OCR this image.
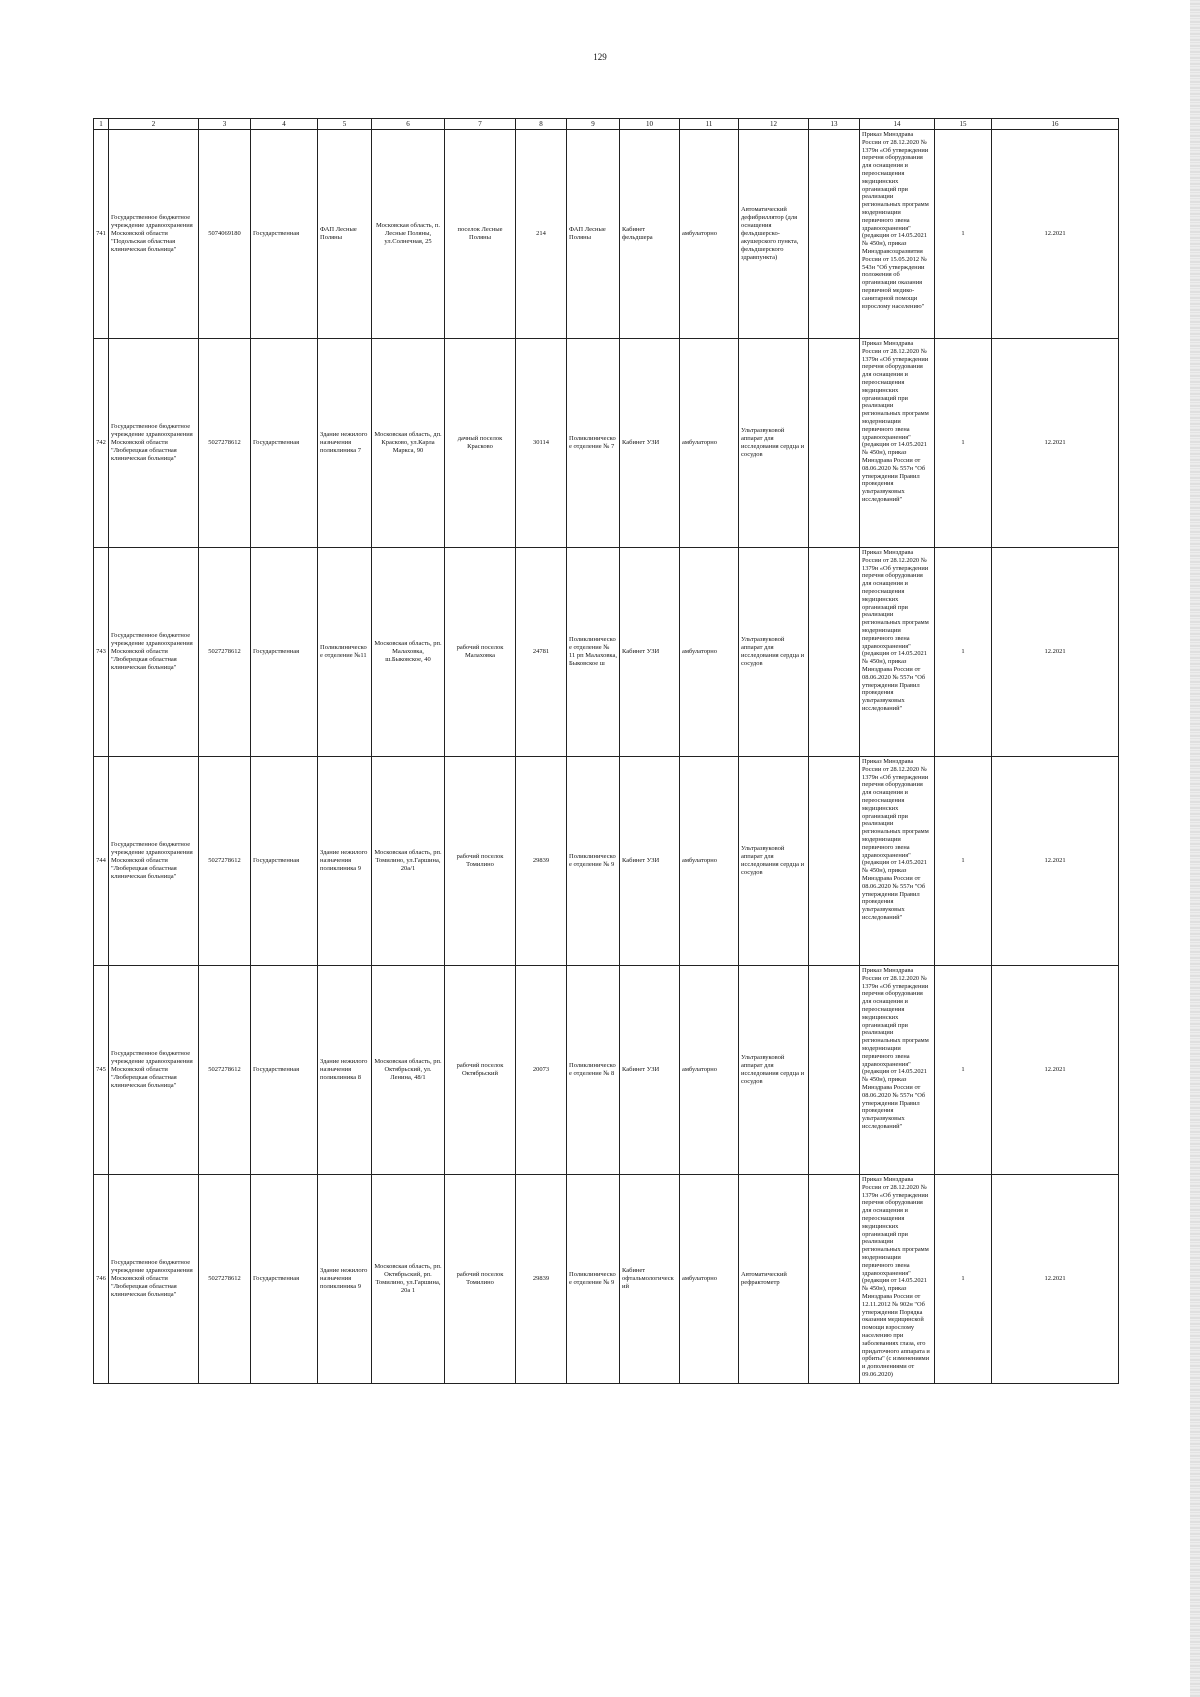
129
1	2	3	4	5	6	7	8	9	10	11	12	13	14	15	16
741	Государственное бюджетное учреждение здравоохранения Московской области "Подольская областная клиническая больница"	5074069180	Государственная	ФАП Лесные Поляны	Московская область, п. Лесные Поляны, ул.Солнечная, 25	поселок Лесные Поляны	214	ФАП Лесные Поляны	Кабинет фельдшера	амбулаторно	Автоматический дефибриллятор (для оснащения фельдшерско-акушерского пункта, фельдшерского здравпункта)		Приказ Минздрава России от 28.12.2020 № 1379н «Об утверждении перечня оборудования для оснащения и переоснащения медицинских организаций при реализации региональных программ модернизации первичного звена здравоохранения"(редакция от 14.05.2021 № 450н), приказ Минздравсоцразвития России от 15.05.2012 № 543н "Об утверждении положения об организации оказания первичной медико-санитарной помощи взрослому населению"	1	12.2021
742	Государственное бюджетное учреждение здравоохранения Московской области "Люберецкая областная клиническая больница"	5027278612	Государственная	Здание нежилого назначения поликлиника 7	Московская область, дп. Красково, ул.Карла Маркса, 90	дачный поселок Красково	30114	Поликлиническое отделение № 7	Кабинет УЗИ	амбулаторно	Ультразвуковой аппарат для исследования сердца и сосудов		Приказ Минздрава России от 28.12.2020 № 1379н «Об утверждении перечня оборудования для оснащения и переоснащения медицинских организаций при реализации региональных программ модернизации первичного звена здравоохранения"(редакция от 14.05.2021 № 450н), приказ Минздрава России от 08.06.2020 № 557н "Об утверждении Правил проведения ультразвуковых исследований"	1	12.2021
743	Государственное бюджетное учреждение здравоохранения Московской области "Люберецкая областная клиническая больница"	5027278612	Государственная	Поликлиническое отделение №11	Московская область, рп. Малаховка, ш.Быковское, 40	рабочий поселок Малаховка	24781	Поликлиническое отделение № 11 рп Малаховка, Быковское ш	Кабинет УЗИ	амбулаторно	Ультразвуковой аппарат для исследования сердца и сосудов		Приказ Минздрава России от 28.12.2020 № 1379н «Об утверждении перечня оборудования для оснащения и переоснащения медицинских организаций при реализации региональных программ модернизации первичного звена здравоохранения"(редакция от 14.05.2021 № 450н), приказ Минздрава России от 08.06.2020 № 557н "Об утверждении Правил проведения ультразвуковых исследований"	1	12.2021
744	Государственное бюджетное учреждение здравоохранения Московской области "Люберецкая областная клиническая больница"	5027278612	Государственная	Здание нежилого назначения поликлиника 9	Московская область, рп. Томилино, ул.Гаршина, 20а/1	рабочий поселок Томилино	29839	Поликлиническое отделение № 9	Кабинет УЗИ	амбулаторно	Ультразвуковой аппарат для исследования сердца и сосудов		Приказ Минздрава России от 28.12.2020 № 1379н «Об утверждении перечня оборудования для оснащения и переоснащения медицинских организаций при реализации региональных программ модернизации первичного звена здравоохранения"(редакция от 14.05.2021 № 450н), приказ Минздрава России от 08.06.2020 № 557н "Об утверждении Правил проведения ультразвуковых исследований"	1	12.2021
745	Государственное бюджетное учреждение здравоохранения Московской области "Люберецкая областная клиническая больница"	5027278612	Государственная	Здание нежилого назначения поликлиника 8	Московская область, рп. Октябрьский, ул. Ленина, 48/1	рабочий поселок Октябрьский	20073	Поликлиническое отделение № 8	Кабинет УЗИ	амбулаторно	Ультразвуковой аппарат для исследования сердца и сосудов		Приказ Минздрава России от 28.12.2020 № 1379н «Об утверждении перечня оборудования для оснащения и переоснащения медицинских организаций при реализации региональных программ модернизации первичного звена здравоохранения"(редакция от 14.05.2021 № 450н), приказ Минздрава России от 08.06.2020 № 557н "Об утверждении Правил проведения ультразвуковых исследований"	1	12.2021
746	Государственное бюджетное учреждение здравоохранения Московской области "Люберецкая областная клиническая больница"	5027278612	Государственная	Здание нежилого назначения поликлиника 9	Московская область, рп. Октябрьский, рп. Томилино, ул.Гаршина, 20а 1	рабочий поселок Томилино	29839	Поликлиническое отделение № 9	Кабинет офтальмологический	амбулаторно	Автоматический рефрактометр		Приказ Минздрава России от 28.12.2020 № 1379н «Об утверждении перечня оборудования для оснащения и переоснащения медицинских организаций при реализации региональных программ модернизации первичного звена здравоохранения"(редакция от 14.05.2021 № 450н), приказ Минздрава России от 12.11.2012 № 902н "Об утверждении Порядка оказания медицинской помощи взрослому населению при заболеваниях глаза, его придаточного аппарата и орбиты" (с изменениями и дополнениями от 09.06.2020)	1	12.2021
